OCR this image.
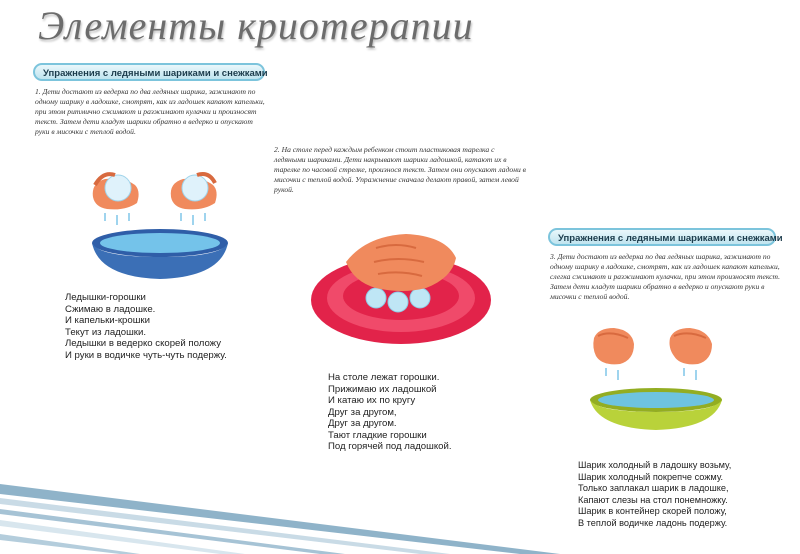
Элементы криотерапии
Упражнения с ледяными шариками и снежками
1. Дети достают из ведерка по два ледяных шарика, зажимают по одному шарику в ладошке, смотрят, как из ладошек капают капельки, при этом ритмично сжимают и разжимают кулачки и произносят текст. Затем дети кладут шарики обратно в ведерко и опускают руки в мисочки с теплой водой.
Ледышки-горошки
Сжимаю в ладошке.
И капельки-крошки
Текут из ладошки.
Ледышки в ведерко скорей положу
И руки в водичке чуть-чуть подержу.
2. На столе перед каждым ребенком стоит пластиковая тарелка с ледяными шариками. Дети накрывают шарики ладошкой, катают их в тарелке по часовой стрелке, произнося текст. Затем они опускают ладони в мисочки с теплой водой. Упражнение сначала делают правой, затем левой рукой.
На столе лежат горошки.
Прижимаю их ладошкой
И катаю их по кругу
Друг за другом,
Друг за другом.
Тают гладкие горошки
Под горячей под ладошкой.
Упражнения с ледяными шариками и снежками
3. Дети достают из ведерка по два ледяных шарика, зажимают по одному шарику в ладошке, смотрят, как из ладошек капают капельки, слегка сжимают и разжимают кулачки, при этом произносят текст. Затем дети кладут шарики обратно в ведерко и опускают руки в мисочки с теплой водой.
Шарик холодный в ладошку возьму,
Шарик холодный покрепче сожму.
Только заплакал шарик в ладошке,
Капают слезы на стол понемножку.
Шарик в контейнер скорей положу,
В теплой водичке ладонь подержу.
